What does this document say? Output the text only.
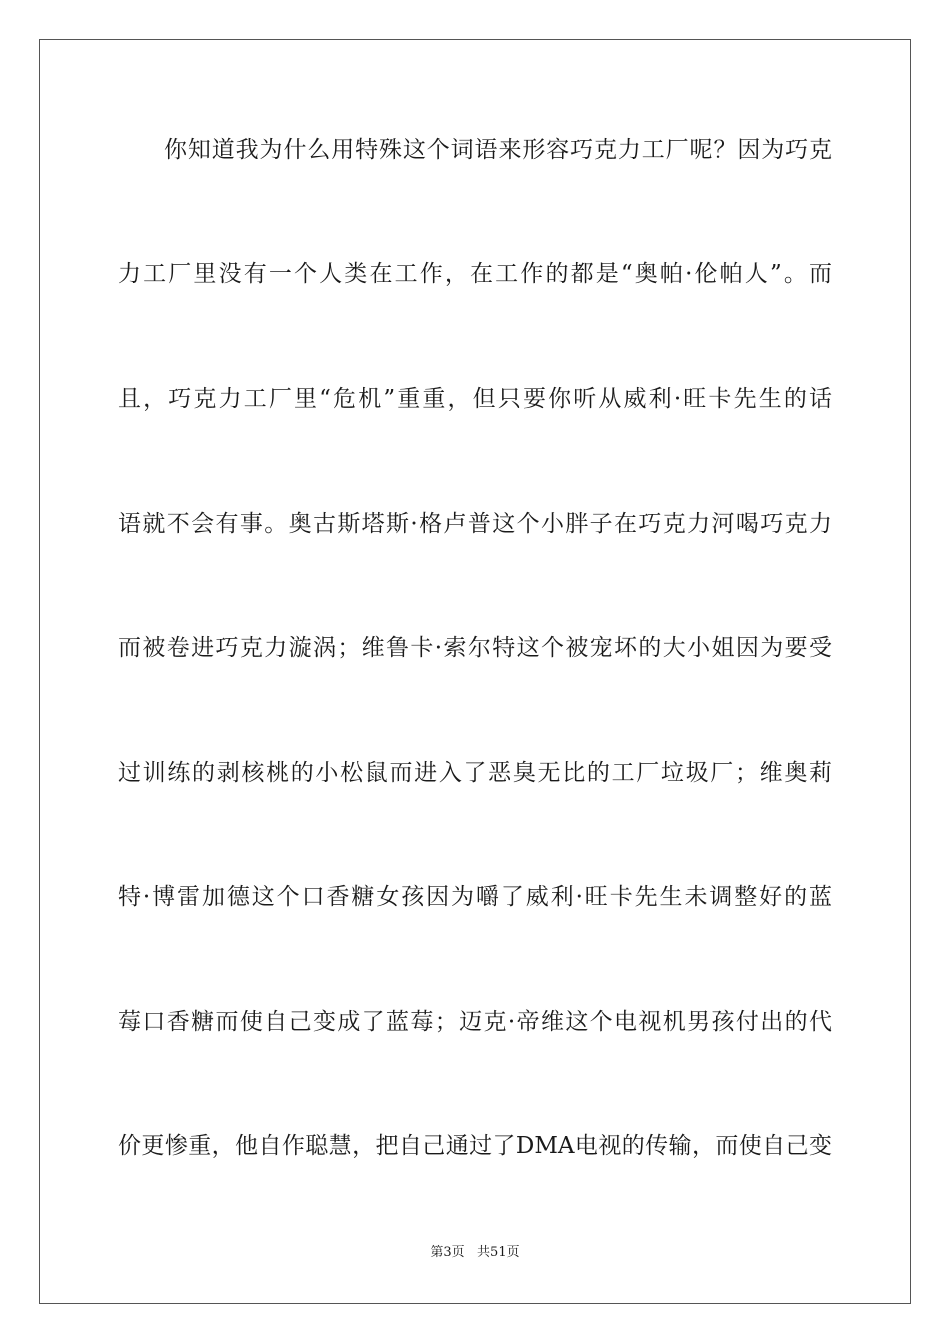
你知道我为什么用特殊这个词语来形容巧克力工厂呢？因为巧克
力工厂里没有一个人类在工作，在工作的都是“奥帕·伦帕人”。而
且，巧克力工厂里“危机”重重，但只要你听从威利·旺卡先生的话
语就不会有事。奥古斯塔斯·格卢普这个小胖子在巧克力河喝巧克力
而被卷进巧克力漩涡；维鲁卡·索尔特这个被宠坏的大小姐因为要受
过训练的剥核桃的小松鼠而进入了恶臭无比的工厂垃圾厂；维奥莉
特·博雷加德这个口香糖女孩因为嚼了威利·旺卡先生未调整好的蓝
莓口香糖而使自己变成了蓝莓；迈克·帝维这个电视机男孩付出的代
价更惨重，他自作聪慧，把自己通过了DMA电视的传输，而使自己变
第3页   共51页
